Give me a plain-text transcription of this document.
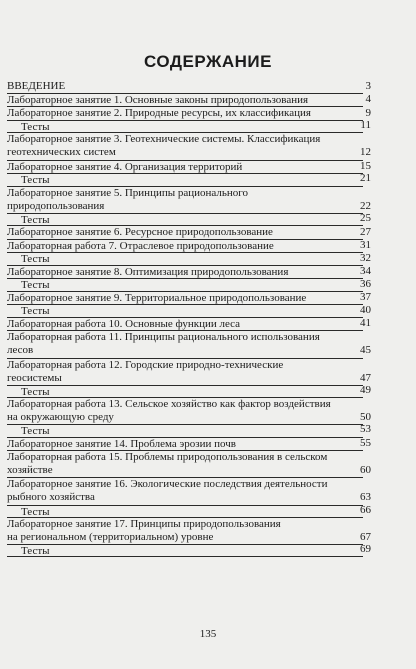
СОДЕРЖАНИЕ
ВВЕДЕНИЕ	3
Лабораторное занятие 1. Основные законы природопользования	4
Лабораторное занятие 2. Природные ресурсы, их классификация	9
Тесты	11
Лабораторное занятие 3. Геотехнические системы. Классификация
геотехнических систем	12
Лабораторное занятие 4. Организация территорий	15
Тесты	21
Лабораторное занятие 5. Принципы рационального
природопользования	22
Тесты	25
Лабораторное занятие 6. Ресурсное природопользование	27
Лабораторная работа 7. Отраслевое природопользование	31
Тесты	32
Лабораторное занятие 8. Оптимизация природопользования	34
Тесты	36
Лабораторное занятие 9. Территориальное природопользование	37
Тесты	40
Лабораторная работа 10. Основные функции леса	41
Лабораторная работа 11. Принципы рационального использования
лесов	45
Лабораторная работа 12. Городские природно-технические
геосистемы	47
Тесты	49
Лабораторная работа 13. Сельское хозяйство как фактор воздействия
на окружающую среду	50
Тесты	53
Лабораторное занятие 14. Проблема эрозии почв	55
Лабораторная работа 15. Проблемы природопользования в сельском
хозяйстве	60
Лабораторное занятие 16. Экологические последствия деятельности
рыбного хозяйства	63
Тесты	66
Лабораторное занятие 17. Принципы природопользования
на региональном (территориальном) уровне	67
Тесты	69
135
